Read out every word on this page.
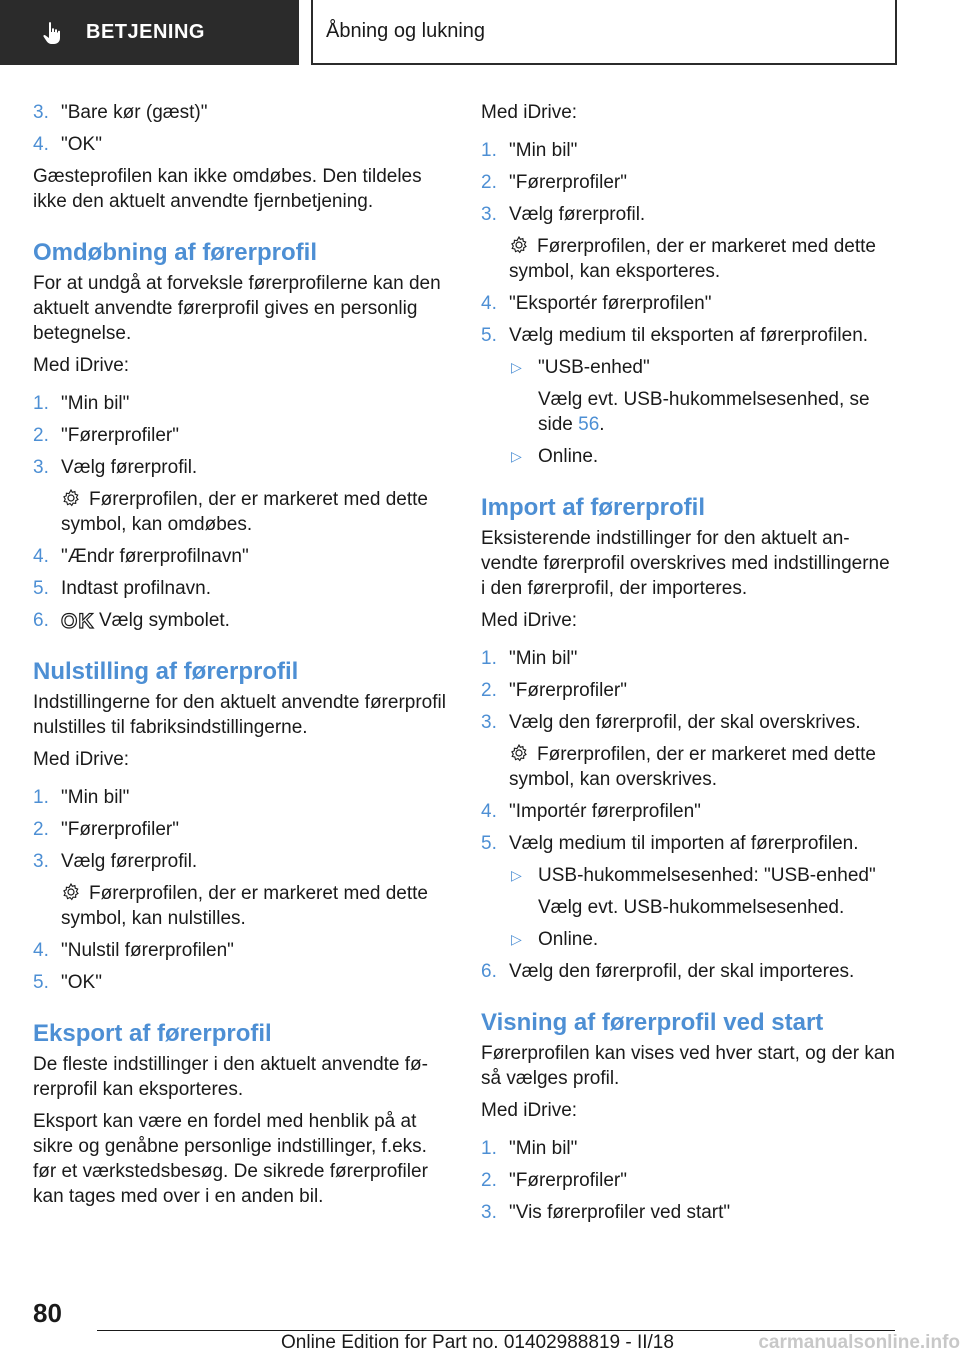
BETJENING	Åbning og lukning
3. "Bare kør (gæst)"
4. "OK"

Gæsteprofilen kan ikke omdøbes. Den tildeles ikke den aktuelt anvendte fjernbetjening.

Omdøbning af førerprofil

For at undgå at forveksle førerprofilerne kan den aktuelt anvendte førerprofil gives en personlig betegnelse.

Med iDrive:

1. "Min bil"
2. "Førerprofiler"
3. Vælg førerprofil.
Førerprofilen, der er markeret med dette symbol, kan omdøbes.
4. "Ændr førerprofilnavn"
5. Indtast profilnavn.
6. OK Vælg symbolet.
Nulstilling af førerprofil

Indstillingerne for den aktuelt anvendte førerprofil nulstilles til fabriksindstillingerne.

Med iDrive:

1. "Min bil"
2. "Førerprofiler"
3. Vælg førerprofil.
Førerprofilen, der er markeret med dette symbol, kan nulstilles.
4. "Nulstil førerprofilen"
5. "OK"
Eksport af førerprofil

De fleste indstillinger i den aktuelt anvendte førerprofil kan eksporteres.

Eksport kan være en fordel med henblik på at sikre og genåbne personlige indstillinger, f.eks. før et værkstedsbesøg. De sikrede førerprofiler kan tages med over i en anden bil.

Med iDrive:

1. "Min bil"
2. "Førerprofiler"
3. Vælg førerprofil.
Førerprofilen, der er markeret med dette symbol, kan eksporteres.
4. "Eksportér førerprofilen"
5. Vælg medium til eksporten af førerprofilen.
▷ "USB-enhed"
Vælg evt. USB-hukommelsesenhed, se side 56.
▷ Online.
Import af førerprofil

Eksisterende indstillinger for den aktuelt anvendte førerprofil overskrives med indstillingerne i den førerprofil, der importeres.

Med iDrive:

1. "Min bil"
2. "Førerprofiler"
3. Vælg den førerprofil, der skal overskrives.
Førerprofilen, der er markeret med dette symbol, kan overskrives.
4. "Importér førerprofilen"
5. Vælg medium til importen af førerprofilen.
▷ USB-hukommelsesenhed: "USB-enhed"
Vælg evt. USB-hukommelsesenhed.
▷ Online.
6. Vælg den førerprofil, der skal importeres.
Visning af førerprofil ved start

Førerprofilen kan vises ved hver start, og der kan så vælges profil.

Med iDrive:

1. "Min bil"
2. "Førerprofiler"
3. "Vis førerprofiler ved start"
80
Online Edition for Part no. 01402988819 - II/18	carmanualsonline.info
